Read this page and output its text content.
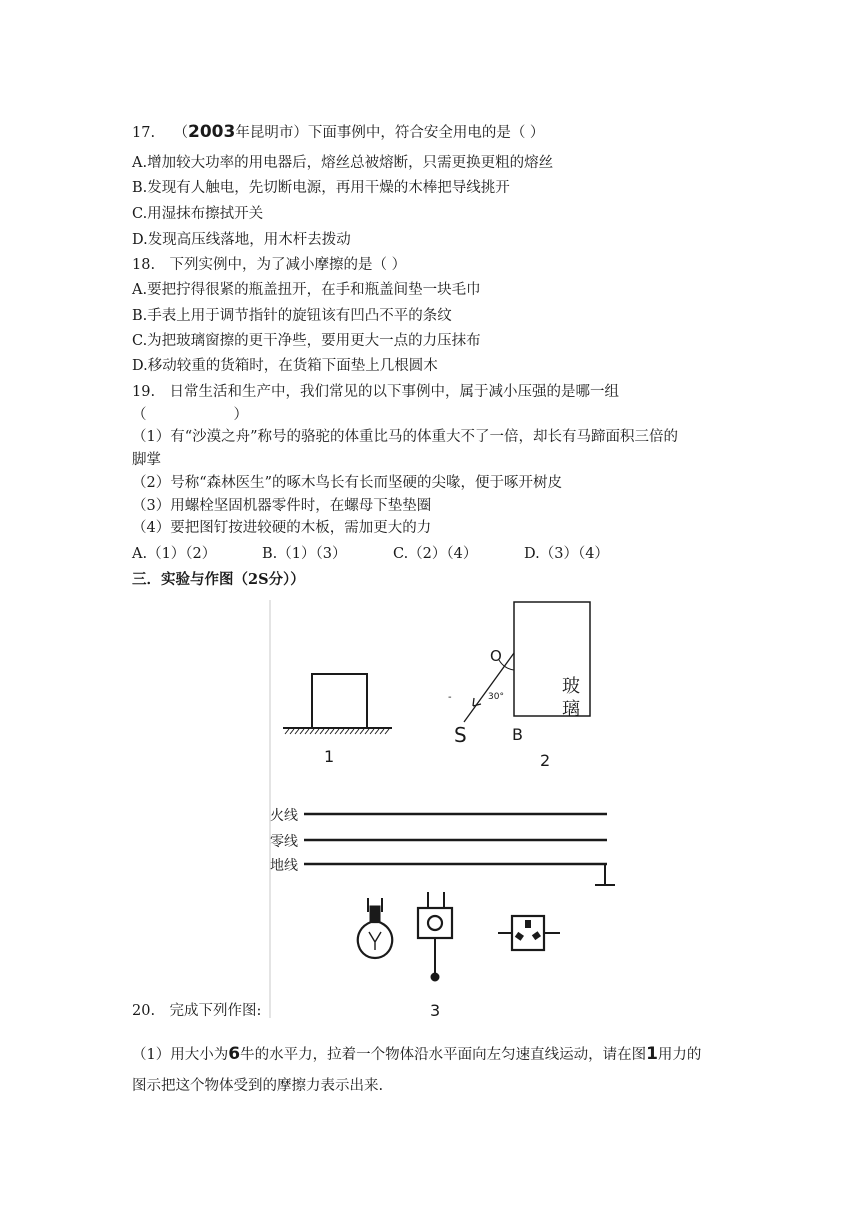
17. （2003年昆明市）下面事例中，符合安全用电的是（ ）
A.增加较大功率的用电器后，熔丝总被熔断，只需更换更粗的熔丝
B.发现有人触电，先切断电源，再用干燥的木棒把导线挑开
C.用湿抹布擦拭开关
D.发现高压线落地，用木杆去拨动
18.　下列实例中，为了减小摩擦的是（ ）
A.要把拧得很紧的瓶盖扭开，在手和瓶盖间垫一块毛巾
B.手表上用于调节指针的旋钮该有凹凸不平的条纹
C.为把玻璃窗擦的更干净些，要用更大一点的力压抹布
D.移动较重的货箱时，在货箱下面垫上几根圆木
19.　日常生活和生产中，我们常见的以下事例中，属于减小压强的是哪一组
（　　　　　　）
（1）有“沙漠之舟”称号的骆驼的体重比马的体重大不了一倍，却长有马蹄面积三倍的
脚掌
（2）号称“森林医生”的啄木鸟长有长而坚硬的尖喙，便于啄开树皮
（3）用螺栓坚固机器零件时，在螺母下垫垫圈
（4）要把图钉按进较硬的木板，需加更大的力
A.（1）（2）	B.（1）（3）	C.（2）（4）	D.（3）（4）
三．实验与作图（2S分））
1
玻
璃
30°
O
S	B
-
2
火线
零线
地线
3
20.　完成下列作图:
（1）用大小为6牛的水平力，拉着一个物体沿水平面向左匀速直线运动，请在图1用力的
图示把这个物体受到的摩擦力表示出来.
